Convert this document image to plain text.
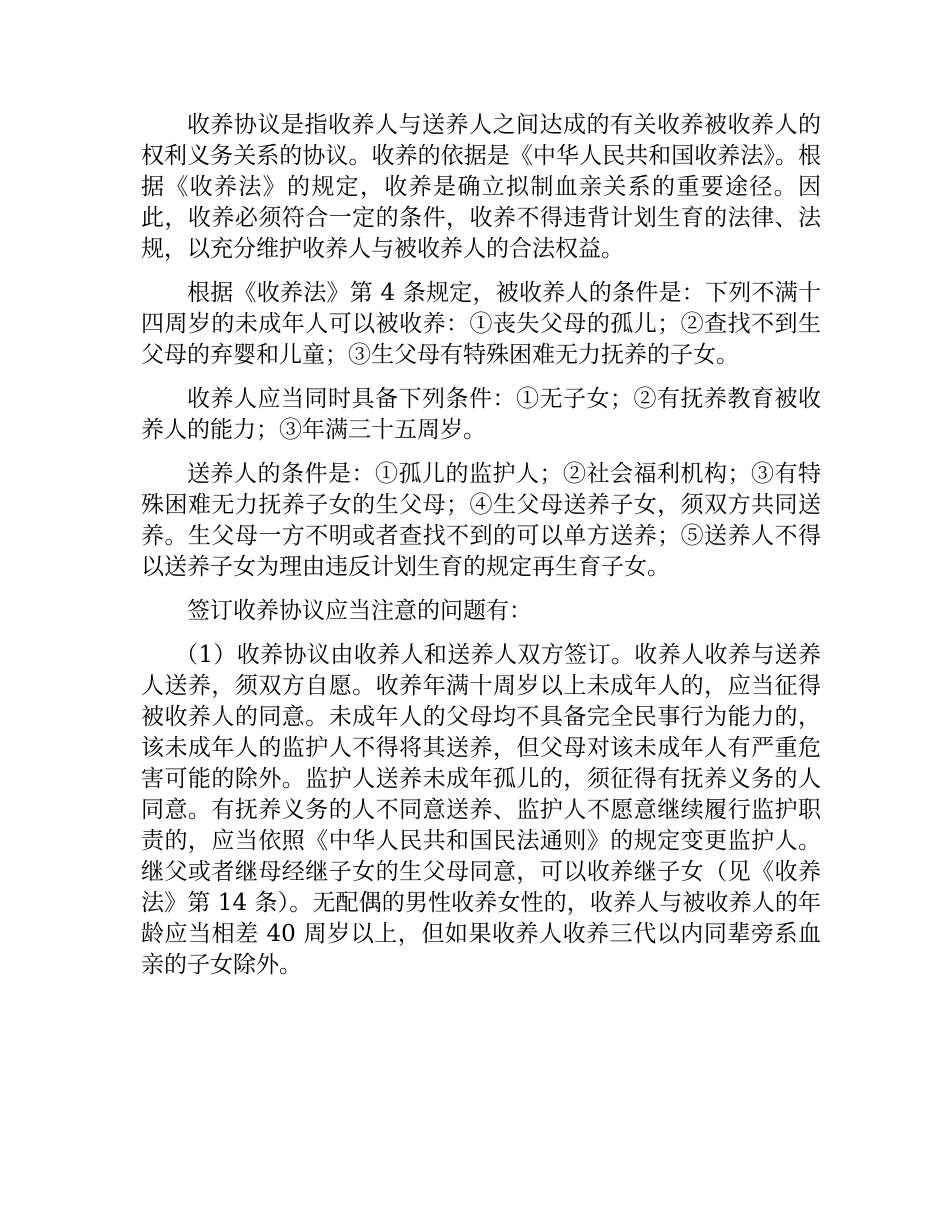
收养协议是指收养人与送养人之间达成的有关收养被收养人的权利义务关系的协议。收养的依据是《中华人民共和国收养法》。根据《收养法》的规定，收养是确立拟制血亲关系的重要途径。因此，收养必须符合一定的条件，收养不得违背计划生育的法律、法规，以充分维护收养人与被收养人的合法权益。

根据《收养法》第 4 条规定，被收养人的条件是：下列不满十四周岁的未成年人可以被收养：①丧失父母的孤儿；②查找不到生父母的弃婴和儿童；③生父母有特殊困难无力抚养的子女。

收养人应当同时具备下列条件：①无子女；②有抚养教育被收养人的能力；③年满三十五周岁。

送养人的条件是：①孤儿的监护人；②社会福利机构；③有特殊困难无力抚养子女的生父母；④生父母送养子女，须双方共同送养。生父母一方不明或者查找不到的可以单方送养；⑤送养人不得以送养子女为理由违反计划生育的规定再生育子女。

签订收养协议应当注意的问题有：

（1）收养协议由收养人和送养人双方签订。收养人收养与送养人送养，须双方自愿。收养年满十周岁以上未成年人的，应当征得被收养人的同意。未成年人的父母均不具备完全民事行为能力的，该未成年人的监护人不得将其送养，但父母对该未成年人有严重危害可能的除外。监护人送养未成年孤儿的，须征得有抚养义务的人同意。有抚养义务的人不同意送养、监护人不愿意继续履行监护职责的，应当依照《中华人民共和国民法通则》的规定变更监护人。继父或者继母经继子女的生父母同意，可以收养继子女（见《收养法》第 14 条）。无配偶的男性收养女性的，收养人与被收养人的年龄应当相差 40 周岁以上，但如果收养人收养三代以内同辈旁系血亲的子女除外。
